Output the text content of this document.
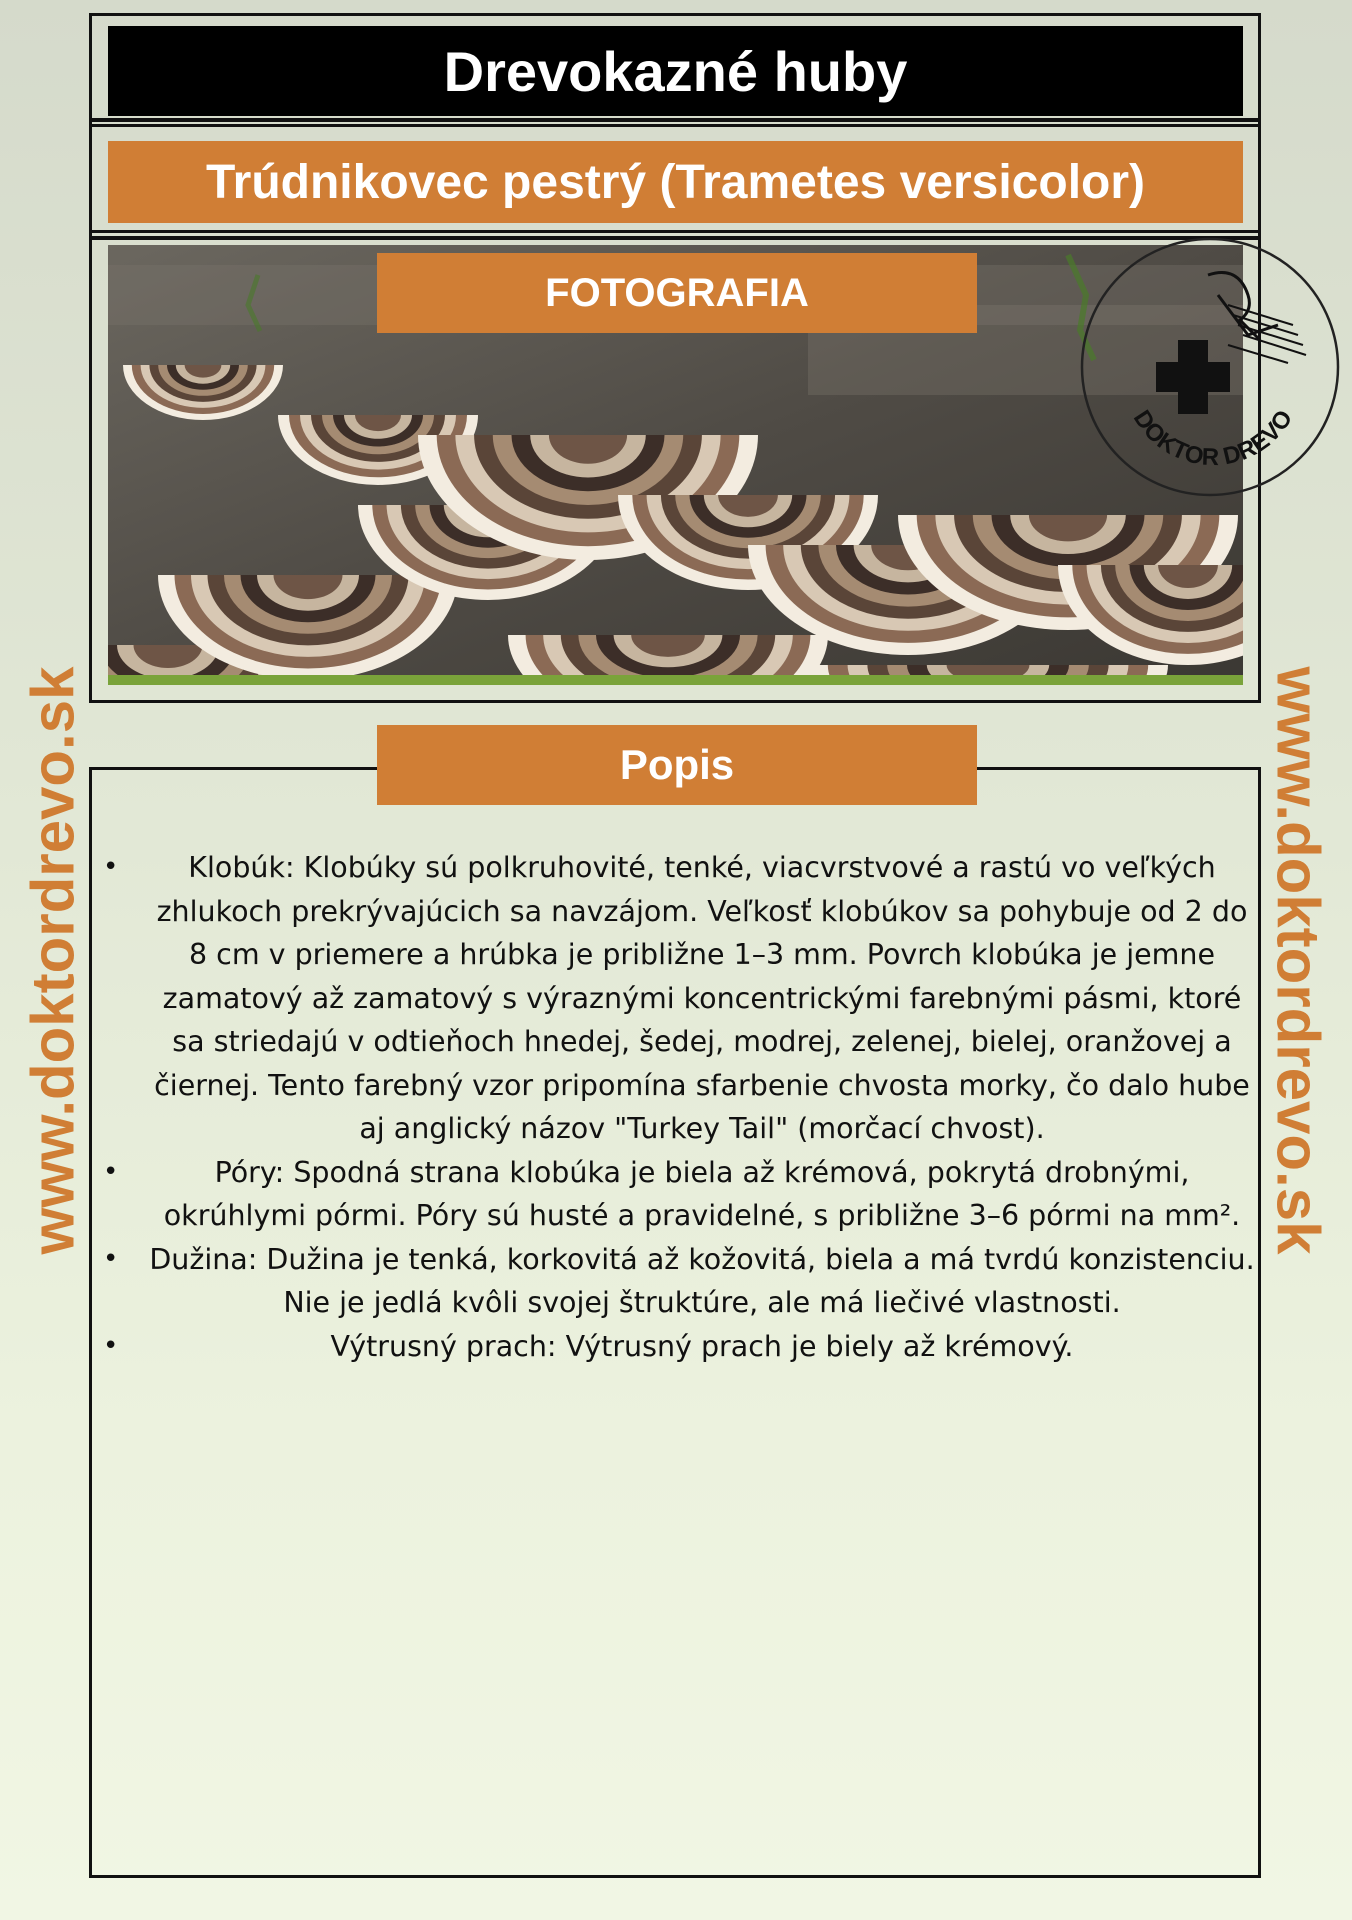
www.doktordrevo.sk	www.doktordrevo.sk
Drevokazné huby
Trúdnikovec pestrý (Trametes versicolor)
FOTOGRAFIA
DOKTOR DREVO
Popis
•	Klobúk: Klobúky sú polkruhovité, tenké, viacvrstvové a rastú vo veľkých zhlukoch prekrývajúcich sa navzájom. Veľkosť klobúkov sa pohybuje od 2 do 8 cm v priemere a hrúbka je približne 1–3 mm. Povrch klobúka je jemne zamatový až zamatový s výraznými koncentrickými farebnými pásmi, ktoré sa striedajú v odtieňoch hnedej, šedej, modrej, zelenej, bielej, oranžovej a čiernej. Tento farebný vzor pripomína sfarbenie chvosta morky, čo dalo hube aj anglický názov "Turkey Tail" (morčací chvost).
•	Póry: Spodná strana klobúka je biela až krémová, pokrytá drobnými, okrúhlymi pórmi. Póry sú husté a pravidelné, s približne 3–6 pórmi na mm².
• Dužina: Dužina je tenká, korkovitá až kožovitá, biela a má tvrdú konzistenciu. Nie je jedlá kvôli svojej štruktúre, ale má liečivé vlastnosti.
•	Výtrusný prach: Výtrusný prach je biely až krémový.
